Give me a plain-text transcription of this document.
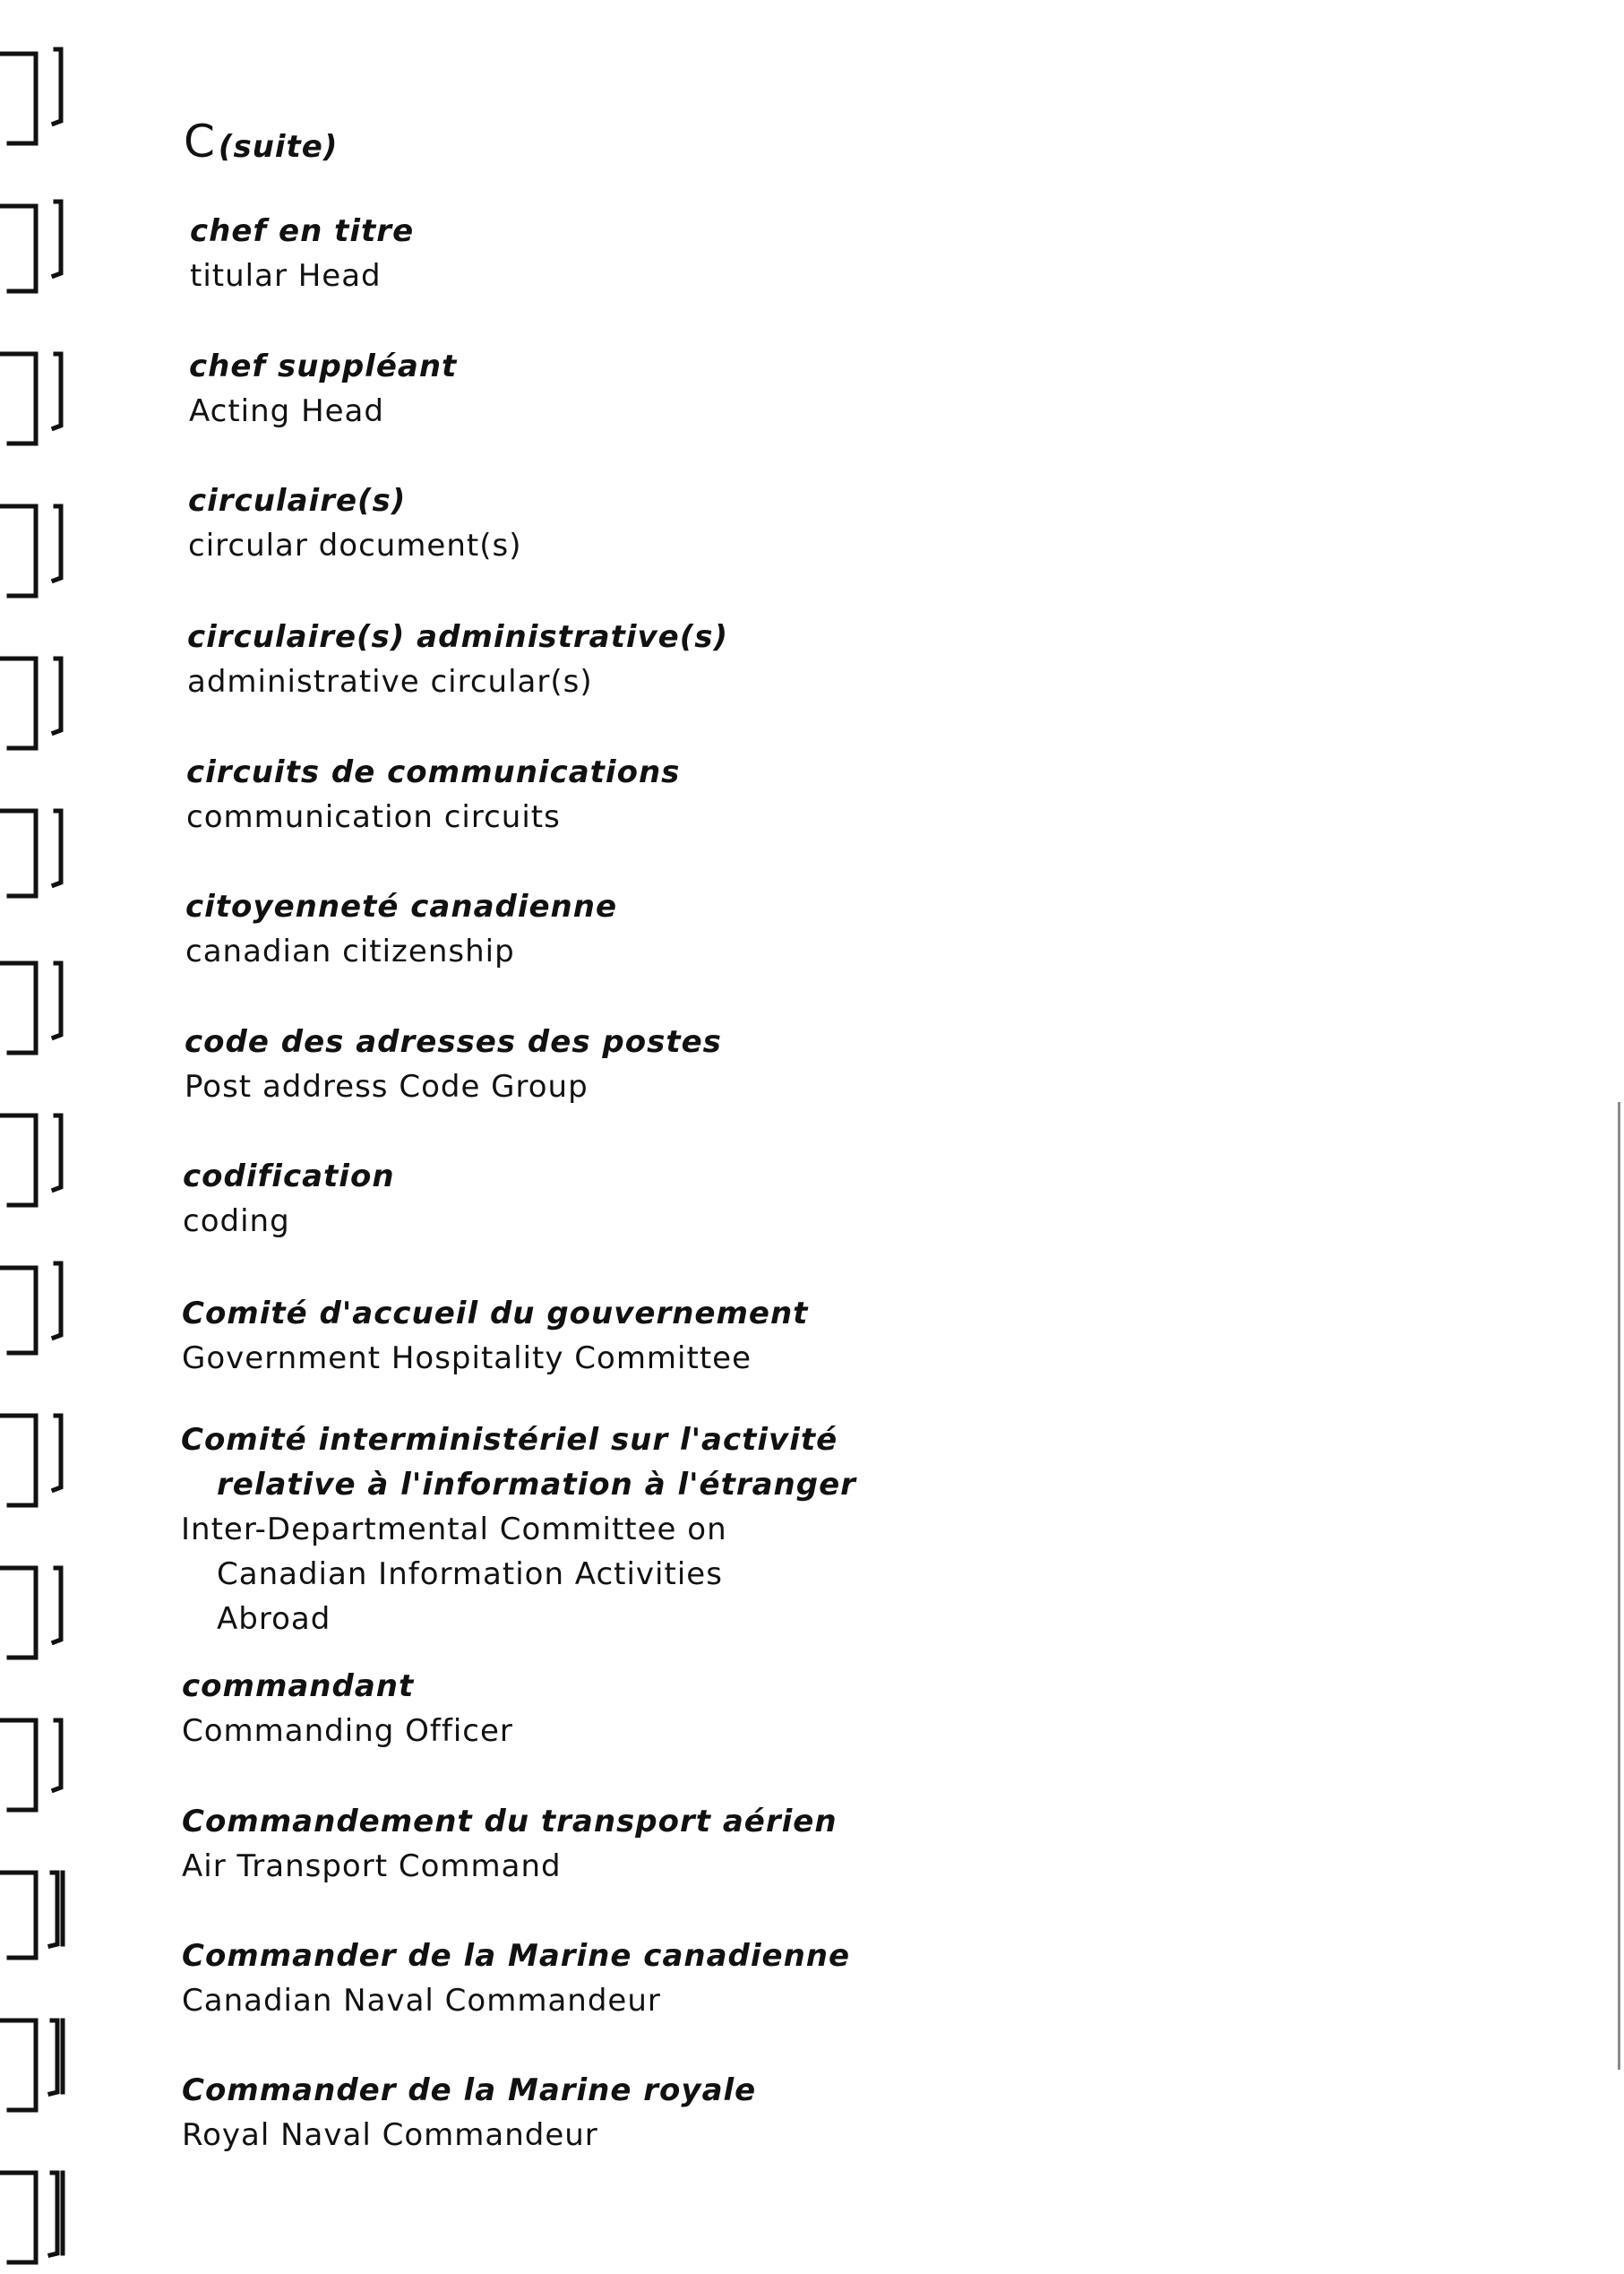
C (suite)
chef en titre
titular Head
chef suppléant
Acting Head
circulaire(s)
circular document(s)
circulaire(s) administrative(s)
administrative circular(s)
circuits de communications
communication circuits
citoyenneté canadienne
canadian citizenship
code des adresses des postes
Post address Code Group
codification
coding
Comité d'accueil du gouvernement
Government Hospitality Committee
Comité interministériel sur l'activité
relative à l'information à l'étranger
Inter-Departmental Committee on
Canadian Information Activities
Abroad
commandant
Commanding Officer
Commandement du transport aérien
Air Transport Command
Commander de la Marine canadienne
Canadian Naval Commandeur
Commander de la Marine royale
Royal Naval Commandeur
